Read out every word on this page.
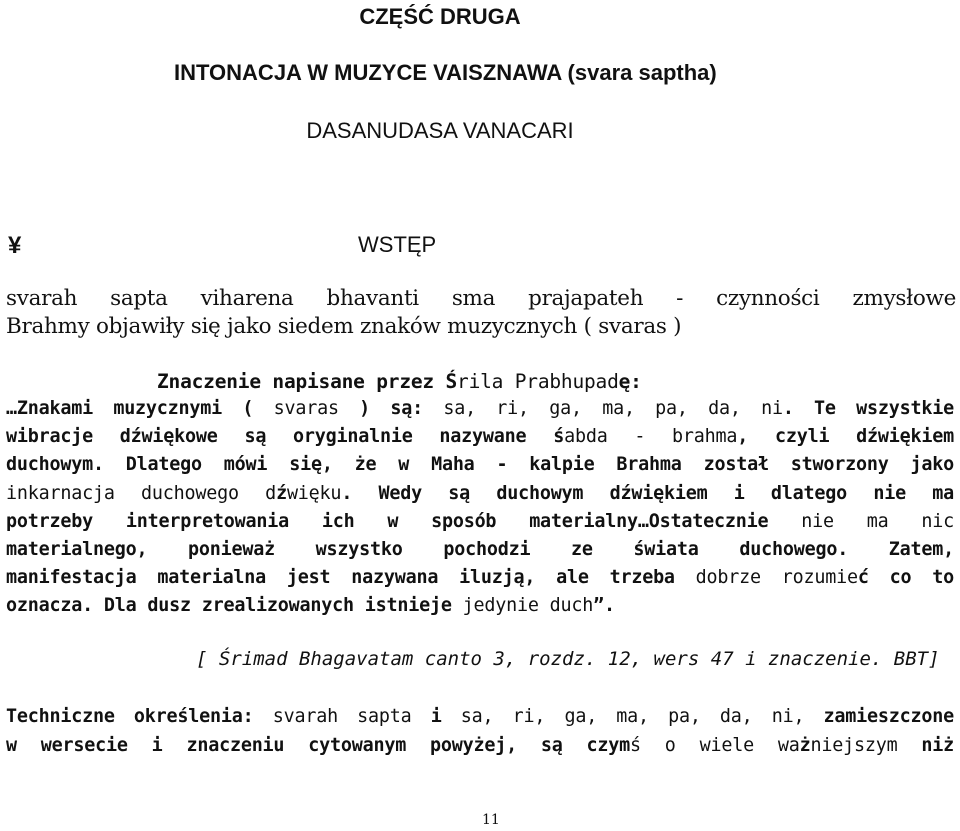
CZĘŚĆ DRUGA
INTONACJA W MUZYCE VAISZNAWA (svara saptha)
DASANUDASA VANACARI
¥	WSTĘP
svarah sapta viharena bhavanti sma prajapateh - czynności zmysłowe
Brahmy objawiły się jako siedem znaków muzycznych ( svaras )
Znaczenie napisane przez Śrila Prabhupadę:
…Znakami muzycznymi ( svaras ) są: sa, ri, ga, ma, pa, da, ni. Te wszystkie
wibracje dźwiękowe są oryginalnie nazywane śabda - brahma, czyli dźwiękiem
duchowym. Dlatego mówi się, że w Maha - kalpie Brahma został stworzony jako
inkarnacja duchowego dźwięku. Wedy są duchowym dźwiękiem i dlatego nie ma
potrzeby interpretowania ich w sposób materialny…Ostatecznie nie ma nic
materialnego, ponieważ wszystko pochodzi ze świata duchowego. Zatem,
manifestacja materialna jest nazywana iluzją, ale trzeba dobrze rozumieć co to
oznacza. Dla dusz zrealizowanych istnieje jedynie duch”.
[ Śrimad Bhagavatam canto 3, rozdz. 12, wers 47 i znaczenie. BBT]
Techniczne określenia: svarah sapta i sa, ri, ga, ma, pa, da, ni, zamieszczone
w wersecie i znaczeniu cytowanym powyżej, są czymś o wiele ważniejszym niż
11
